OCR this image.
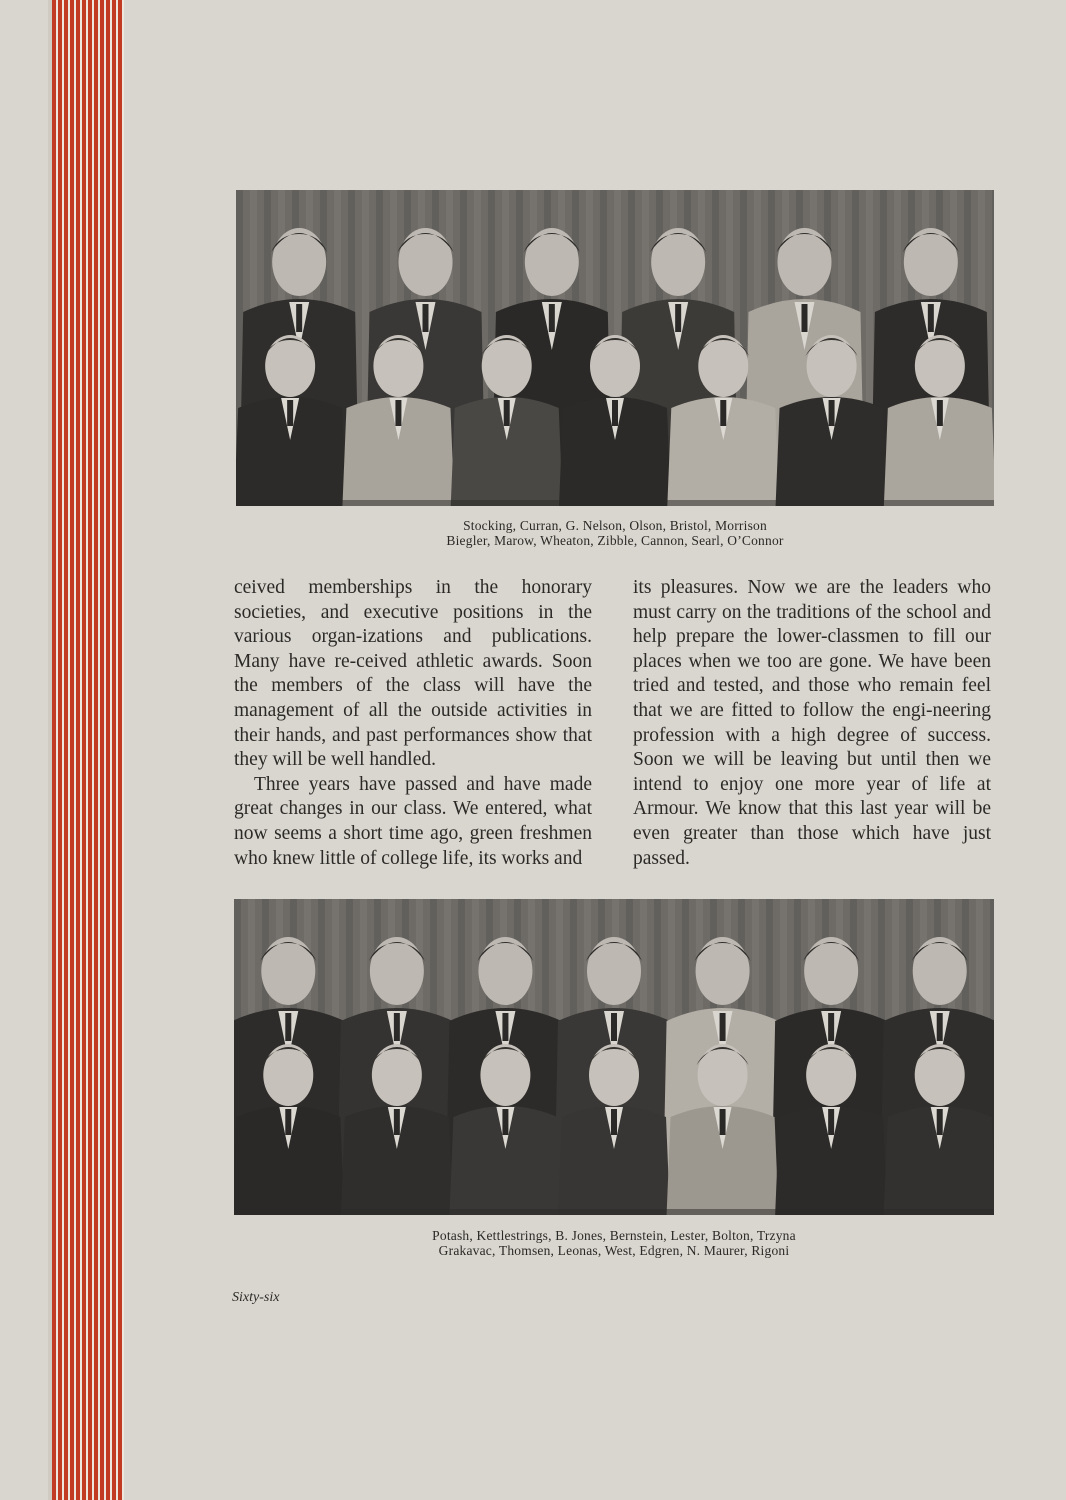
Stocking, Curran, G. Nelson, Olson, Bristol, Morrison
Biegler, Marow, Wheaton, Zibble, Cannon, Searl, O’Connor

ceived memberships in the honorary societies, and executive positions in the various organ-izations and publications. Many have re-ceived athletic awards. Soon the members of the class will have the management of all the outside activities in their hands, and past performances show that they will be well handled.

Three years have passed and have made great changes in our class. We entered, what now seems a short time ago, green freshmen who knew little of college life, its works and

its pleasures. Now we are the leaders who must carry on the traditions of the school and help prepare the lower-classmen to fill our places when we too are gone. We have been tried and tested, and those who remain feel that we are fitted to follow the engi-neering profession with a high degree of success. Soon we will be leaving but until then we intend to enjoy one more year of life at Armour. We know that this last year will be even greater than those which have just passed.

Potash, Kettlestrings, B. Jones, Bernstein, Lester, Bolton, Trzyna
Grakavac, Thomsen, Leonas, West, Edgren, N. Maurer, Rigoni
Sixty-six
